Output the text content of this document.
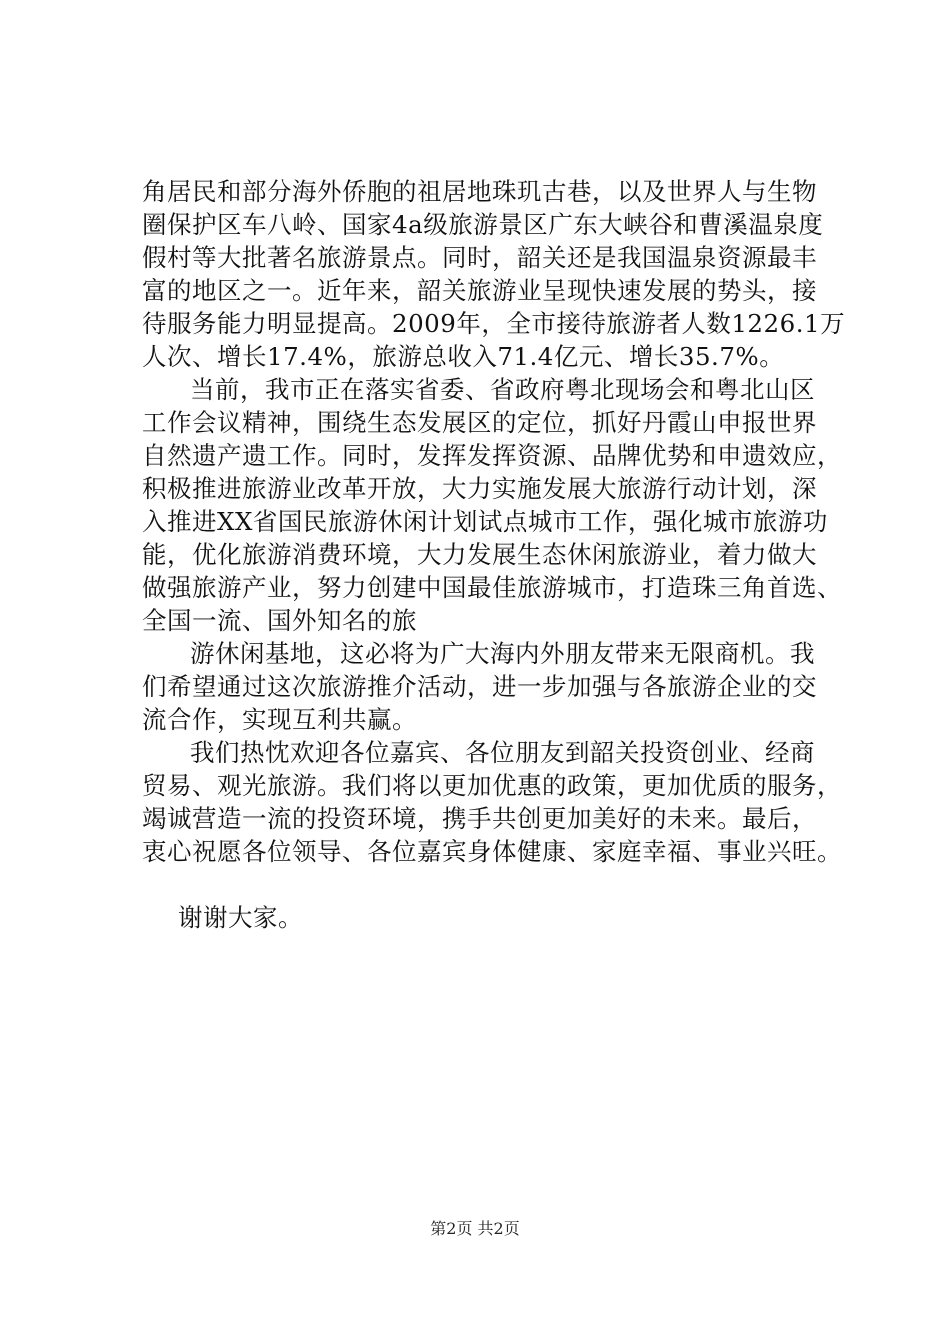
角居民和部分海外侨胞的祖居地珠玑古巷，以及世界人与生物
圈保护区车八岭、国家4a级旅游景区广东大峡谷和曹溪温泉度
假村等大批著名旅游景点。同时，韶关还是我国温泉资源最丰
富的地区之一。近年来，韶关旅游业呈现快速发展的势头，接
待服务能力明显提高。2009年，全市接待旅游者人数1226.1万
人次、增长17.4%，旅游总收入71.4亿元、增长35.7%。
当前，我市正在落实省委、省政府粤北现场会和粤北山区
工作会议精神，围绕生态发展区的定位，抓好丹霞山申报世界
自然遗产遗工作。同时，发挥发挥资源、品牌优势和申遗效应，
积极推进旅游业改革开放，大力实施发展大旅游行动计划，深
入推进XX省国民旅游休闲计划试点城市工作，强化城市旅游功
能，优化旅游消费环境，大力发展生态休闲旅游业，着力做大
做强旅游产业，努力创建中国最佳旅游城市，打造珠三角首选、
全国一流、国外知名的旅
游休闲基地，这必将为广大海内外朋友带来无限商机。我
们希望通过这次旅游推介活动，进一步加强与各旅游企业的交
流合作，实现互利共赢。
我们热忱欢迎各位嘉宾、各位朋友到韶关投资创业、经商
贸易、观光旅游。我们将以更加优惠的政策，更加优质的服务，
竭诚营造一流的投资环境，携手共创更加美好的未来。最后，
衷心祝愿各位领导、各位嘉宾身体健康、家庭幸福、事业兴旺。
谢谢大家。
第2页 共2页
